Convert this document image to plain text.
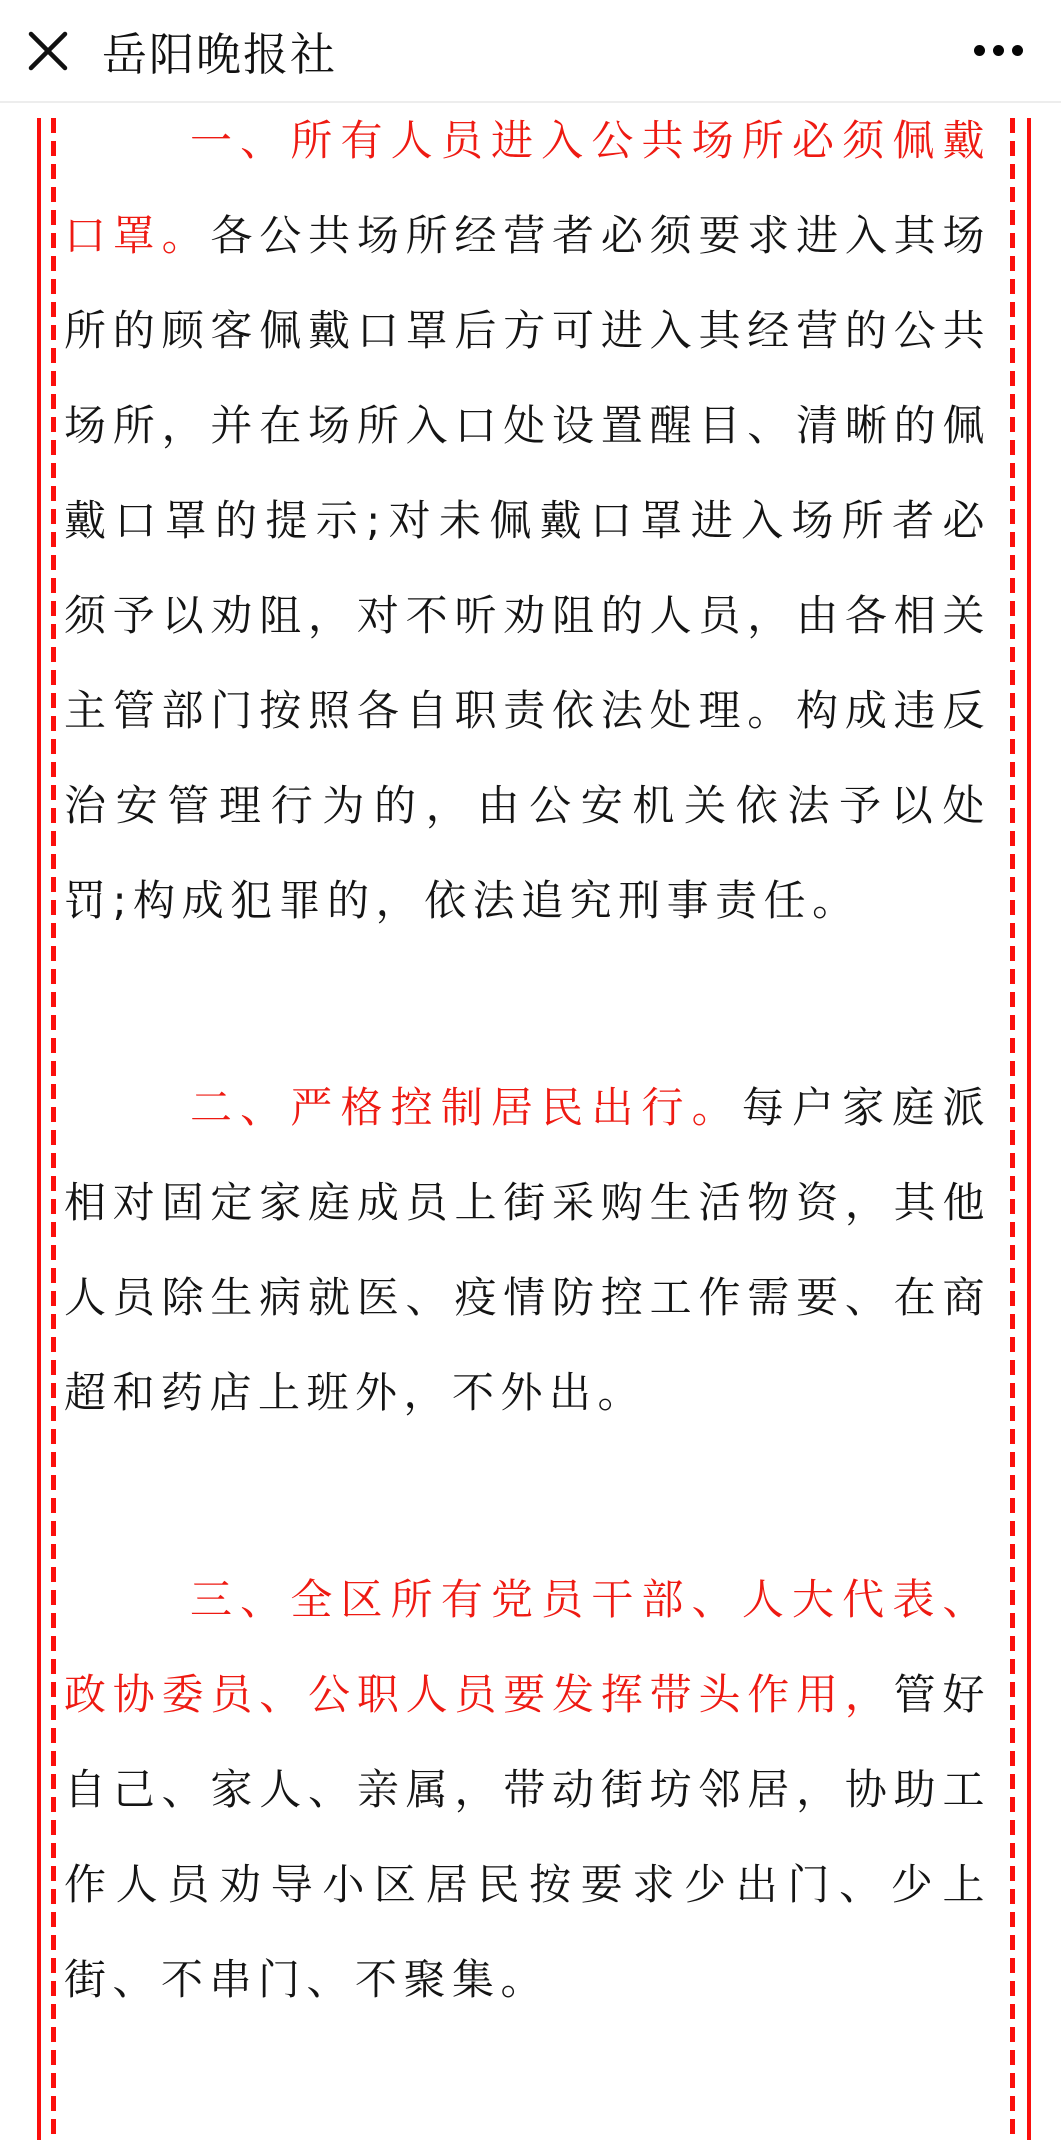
岳阳晚报社

一、所有人员进入公共场所必须佩戴口罩。各公共场所经营者必须要求进入其场所的顾客佩戴口罩后方可进入其经营的公共场所，并在场所入口处设置醒目、清晰的佩戴口罩的提示;对未佩戴口罩进入场所者必须予以劝阻，对不听劝阻的人员，由各相关主管部门按照各自职责依法处理。构成违反治安管理行为的，由公安机关依法予以处罚;构成犯罪的，依法追究刑事责任。

二、严格控制居民出行。每户家庭派相对固定家庭成员上街采购生活物资，其他人员除生病就医、疫情防控工作需要、在商超和药店上班外，不外出。

三、全区所有党员干部、人大代表、政协委员、公职人员要发挥带头作用，管好自己、家人、亲属，带动街坊邻居，协助工作人员劝导小区居民按要求少出门、少上街、不串门、不聚集。
